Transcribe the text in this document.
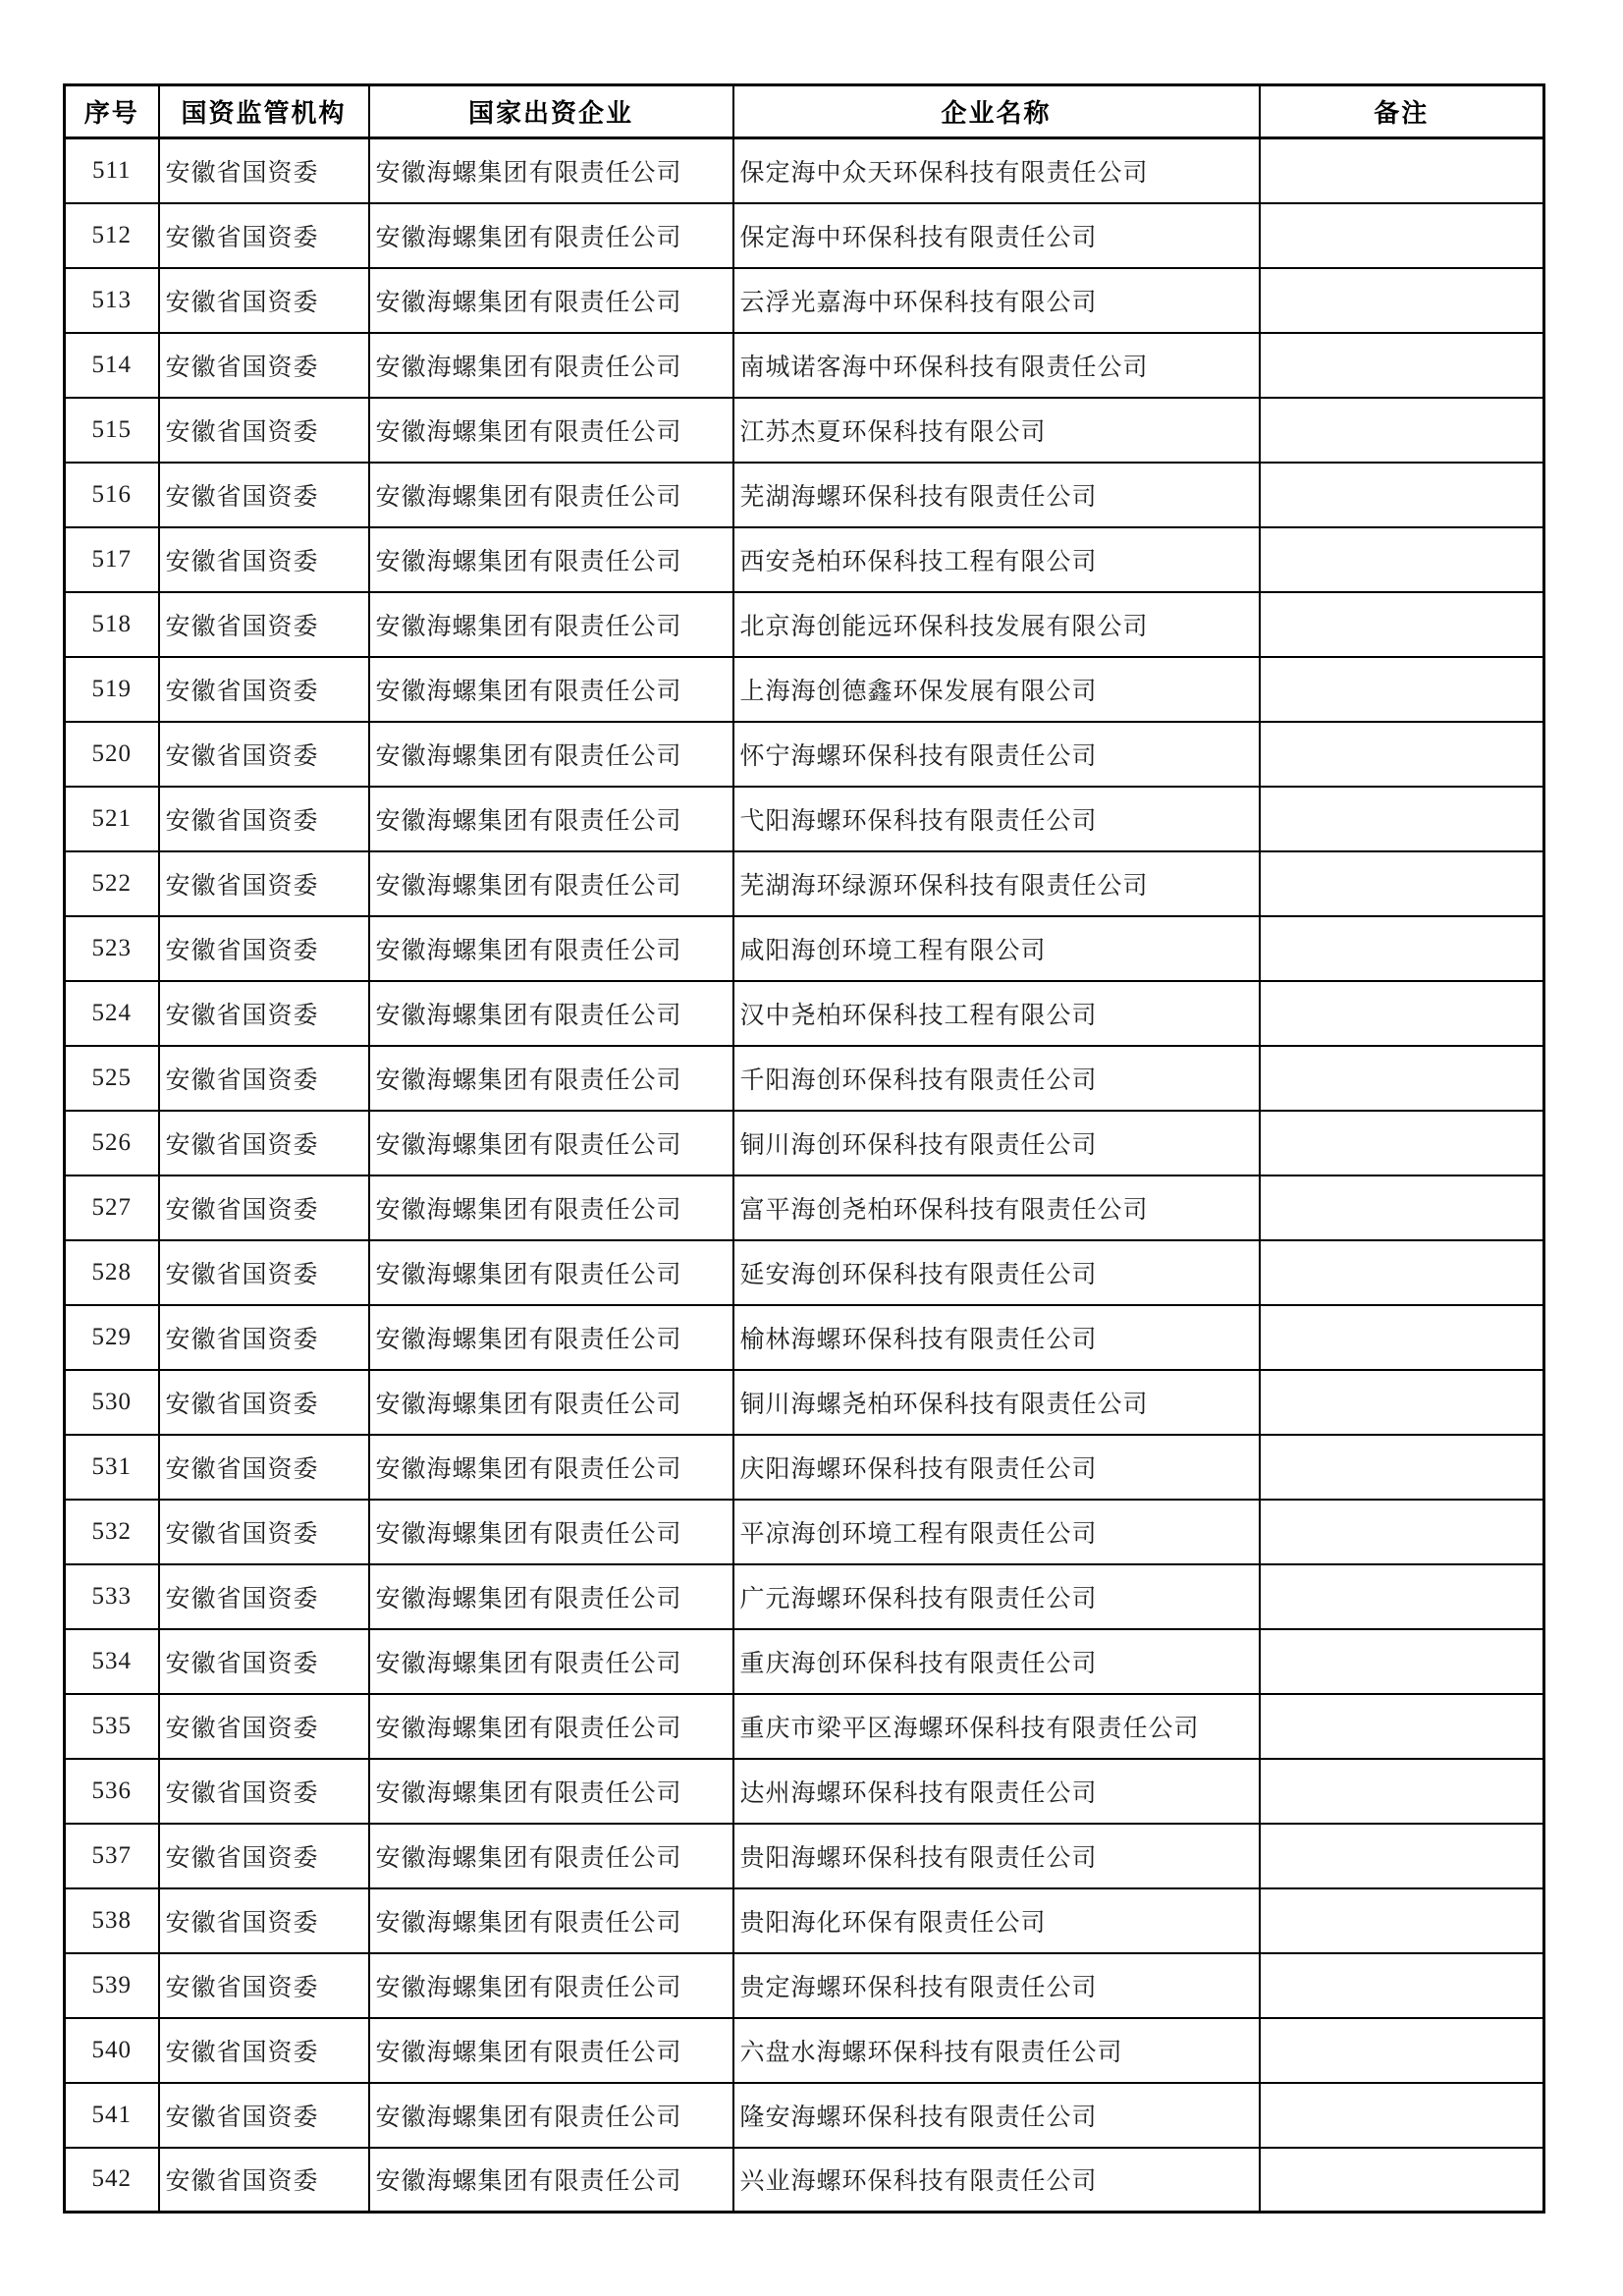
序号	国资监管机构	国家出资企业	企业名称	备注
511	安徽省国资委	安徽海螺集团有限责任公司	保定海中众天环保科技有限责任公司	
512	安徽省国资委	安徽海螺集团有限责任公司	保定海中环保科技有限责任公司	
513	安徽省国资委	安徽海螺集团有限责任公司	云浮光嘉海中环保科技有限公司	
514	安徽省国资委	安徽海螺集团有限责任公司	南城诺客海中环保科技有限责任公司	
515	安徽省国资委	安徽海螺集团有限责任公司	江苏杰夏环保科技有限公司	
516	安徽省国资委	安徽海螺集团有限责任公司	芜湖海螺环保科技有限责任公司	
517	安徽省国资委	安徽海螺集团有限责任公司	西安尧柏环保科技工程有限公司	
518	安徽省国资委	安徽海螺集团有限责任公司	北京海创能远环保科技发展有限公司	
519	安徽省国资委	安徽海螺集团有限责任公司	上海海创德鑫环保发展有限公司	
520	安徽省国资委	安徽海螺集团有限责任公司	怀宁海螺环保科技有限责任公司	
521	安徽省国资委	安徽海螺集团有限责任公司	弋阳海螺环保科技有限责任公司	
522	安徽省国资委	安徽海螺集团有限责任公司	芜湖海环绿源环保科技有限责任公司	
523	安徽省国资委	安徽海螺集团有限责任公司	咸阳海创环境工程有限公司	
524	安徽省国资委	安徽海螺集团有限责任公司	汉中尧柏环保科技工程有限公司	
525	安徽省国资委	安徽海螺集团有限责任公司	千阳海创环保科技有限责任公司	
526	安徽省国资委	安徽海螺集团有限责任公司	铜川海创环保科技有限责任公司	
527	安徽省国资委	安徽海螺集团有限责任公司	富平海创尧柏环保科技有限责任公司	
528	安徽省国资委	安徽海螺集团有限责任公司	延安海创环保科技有限责任公司	
529	安徽省国资委	安徽海螺集团有限责任公司	榆林海螺环保科技有限责任公司	
530	安徽省国资委	安徽海螺集团有限责任公司	铜川海螺尧柏环保科技有限责任公司	
531	安徽省国资委	安徽海螺集团有限责任公司	庆阳海螺环保科技有限责任公司	
532	安徽省国资委	安徽海螺集团有限责任公司	平凉海创环境工程有限责任公司	
533	安徽省国资委	安徽海螺集团有限责任公司	广元海螺环保科技有限责任公司	
534	安徽省国资委	安徽海螺集团有限责任公司	重庆海创环保科技有限责任公司	
535	安徽省国资委	安徽海螺集团有限责任公司	重庆市梁平区海螺环保科技有限责任公司	
536	安徽省国资委	安徽海螺集团有限责任公司	达州海螺环保科技有限责任公司	
537	安徽省国资委	安徽海螺集团有限责任公司	贵阳海螺环保科技有限责任公司	
538	安徽省国资委	安徽海螺集团有限责任公司	贵阳海化环保有限责任公司	
539	安徽省国资委	安徽海螺集团有限责任公司	贵定海螺环保科技有限责任公司	
540	安徽省国资委	安徽海螺集团有限责任公司	六盘水海螺环保科技有限责任公司	
541	安徽省国资委	安徽海螺集团有限责任公司	隆安海螺环保科技有限责任公司	
542	安徽省国资委	安徽海螺集团有限责任公司	兴业海螺环保科技有限责任公司	
